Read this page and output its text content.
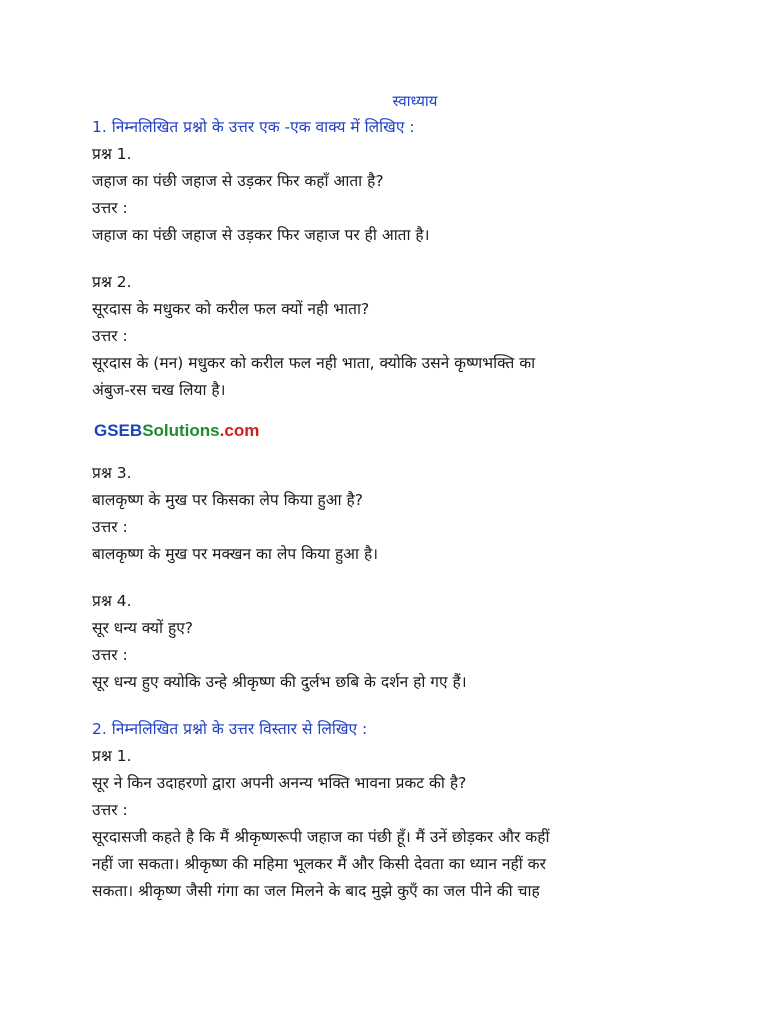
स्वाध्याय
1. निम्नलिखित प्रश्नो के उत्तर एक -एक वाक्य में लिखिए :
प्रश्न 1.
जहाज का पंछी जहाज से उड़कर फिर कहाँ आता है?
उत्तर :
जहाज का पंछी जहाज से उड़कर फिर जहाज पर ही आता है।
प्रश्न 2.
सूरदास के मधुकर को करील फल क्यों नही भाता?
उत्तर :
सूरदास के (मन) मधुकर को करील फल नही भाता, क्योकि उसने कृष्णभक्ति का
अंबुज-रस चख लिया है।
GSEBSolutions.com
प्रश्न 3.
बालकृष्ण के मुख पर किसका लेप किया हुआ है?
उत्तर :
बालकृष्ण के मुख पर मक्खन का लेप किया हुआ है।
प्रश्न 4.
सूर धन्य क्यों हुए?
उत्तर :
सूर धन्य हुए क्योकि उन्हे श्रीकृष्ण की दुर्लभ छबि के दर्शन हो गए हैं।
2. निम्नलिखित प्रश्नो के उत्तर विस्तार से लिखिए :
प्रश्न 1.
सूर ने किन उदाहरणो द्वारा अपनी अनन्य भक्ति भावना प्रकट की है?
उत्तर :
सूरदासजी कहते है कि मैं श्रीकृष्णरूपी जहाज का पंछी हूँ। मैं उनें छोड़कर और कहीं
नहीं जा सकता। श्रीकृष्ण की महिमा भूलकर मैं और किसी देवता का ध्यान नहीं कर
सकता। श्रीकृष्ण जैसी गंगा का जल मिलने के बाद मुझे कुएँ का जल पीने की चाह
